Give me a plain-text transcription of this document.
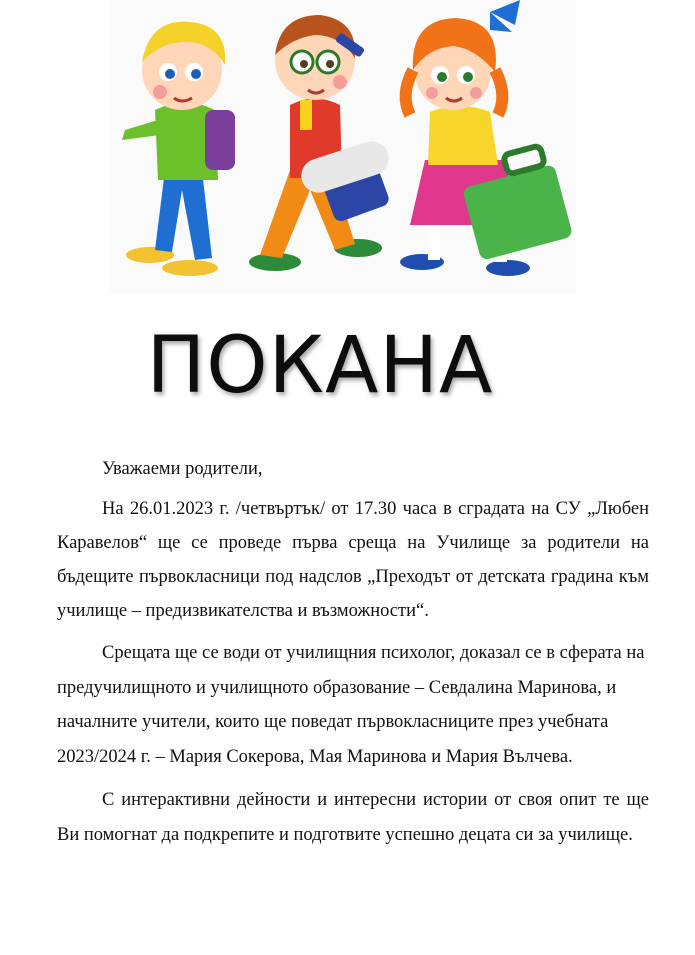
ПОКАНА

Уважаеми родители,

На 26.01.2023 г. /четвъртък/ от 17.30 часа в сградата на СУ „Любен Каравелов“ ще се проведе първа среща на Училище за родители на бъдещите първокласници под надслов „Преходът от детската градина към училище – предизвикателства и възможности“.

Срещата ще се води от училищния психолог, доказал се в сферата на предучилищното и училищното образование – Севдалина Маринова, и началните учители, които ще поведат първокласниците през учебната 2023/2024 г. – Мария Сокерова, Мая Маринова и Мария Вълчева.

С интерактивни дейности и интересни истории от своя опит те ще Ви помогнат да подкрепите и подготвите успешно децата си за училище.
